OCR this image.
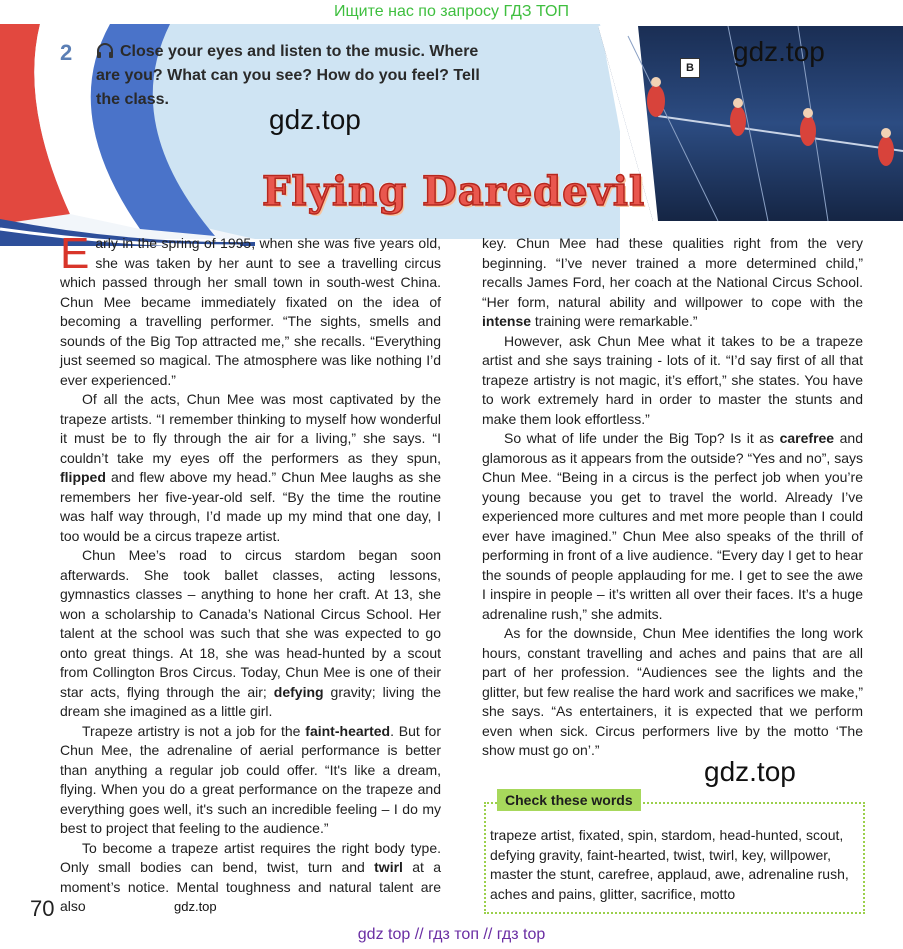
Ищите нас по запросу ГДЗ ТОП
2	Close your eyes and listen to the music. Where are you? What can you see? How do you feel? Tell the class.
B
gdz.top
gdz.top
Flying Daredevil

Early in the spring of 1995, when she was five years old, she was taken by her aunt to see a travelling circus which passed through her small town in south-west China. Chun Mee became immediately fixated on the idea of becoming a travelling performer. “The sights, smells and sounds of the Big Top attracted me,” she recalls. “Everything just seemed so magical. The atmosphere was like nothing I’d ever experienced.”

Of all the acts, Chun Mee was most captivated by the trapeze artists. “I remember thinking to myself how wonderful it must be to fly through the air for a living,” she says. “I couldn’t take my eyes off the performers as they spun, flipped and flew above my head.” Chun Mee laughs as she remembers her five-year-old self. “By the time the routine was half way through, I’d made up my mind that one day, I too would be a circus trapeze artist.

Chun Mee’s road to circus stardom began soon afterwards. She took ballet classes, acting lessons, gymnastics classes – anything to hone her craft. At 13, she won a scholarship to Canada’s National Circus School. Her talent at the school was such that she was expected to go onto great things. At 18, she was head-hunted by a scout from Collington Bros Circus. Today, Chun Mee is one of their star acts, flying through the air; defying gravity; living the dream she imagined as a little girl.

Trapeze artistry is not a job for the faint-hearted. But for Chun Mee, the adrenaline of aerial performance is better than anything a regular job could offer. “It's like a dream, flying. When you do a great performance on the trapeze and everything goes well, it's such an incredible feeling – I do my best to project that feeling to the audience.”

To become a trapeze artist requires the right body type. Only small bodies can bend, twist, turn and twirl at a moment’s notice. Mental toughness and natural talent are also

key. Chun Mee had these qualities right from the very beginning. “I’ve never trained a more determined child,” recalls James Ford, her coach at the National Circus School. “Her form, natural ability and willpower to cope with the intense training were remarkable.”

However, ask Chun Mee what it takes to be a trapeze artist and she says training - lots of it. “I’d say first of all that trapeze artistry is not magic, it’s effort,” she states. You have to work extremely hard in order to master the stunts and make them look effortless.”

So what of life under the Big Top? Is it as carefree and glamorous as it appears from the outside? “Yes and no”, says Chun Mee. “Being in a circus is the perfect job when you’re young because you get to travel the world. Already I’ve experienced more cultures and met more people than I could ever have imagined.” Chun Mee also speaks of the thrill of performing in front of a live audience. “Every day I get to hear the sounds of people applauding for me. I get to see the awe I inspire in people – it’s written all over their faces. It’s a huge adrenaline rush,” she admits.

As for the downside, Chun Mee identifies the long work hours, constant travelling and aches and pains that are all part of her profession. “Audiences see the lights and the glitter, but few realise the hard work and sacrifices we make,” she says. “As entertainers, it is expected that we perform even when sick. Circus performers live by the motto ‘The show must go on’.”

gdz.top
Check these words
trapeze artist, fixated, spin, stardom, head-hunted, scout, defying gravity, faint-hearted, twist, twirl, key, willpower, master the stunt, carefree, applaud, awe, adrenaline rush, aches and pains, glitter, sacrifice, motto
70	gdz.top
gdz top // гдз топ // гдз top
